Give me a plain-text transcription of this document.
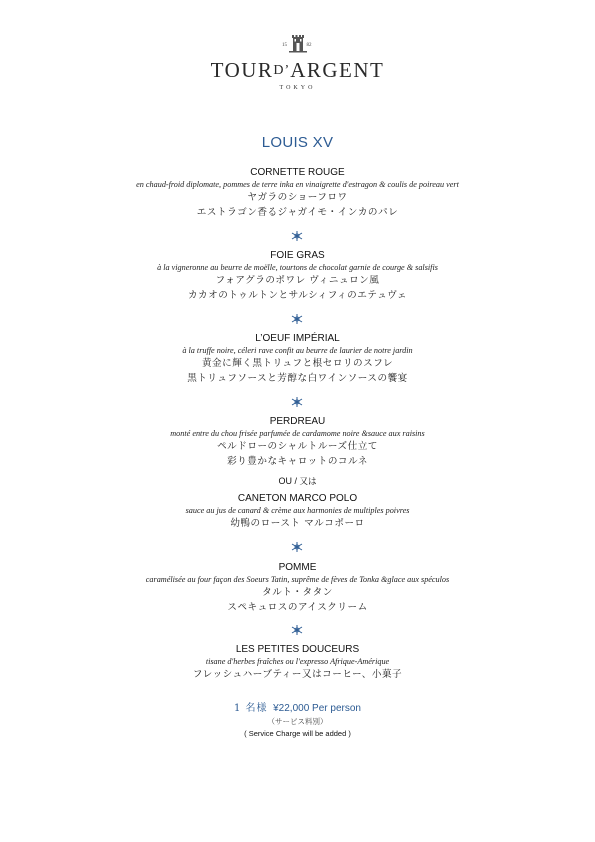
15	82
TOURD’ARGENT
TOKYO
LOUIS XV
CORNETTE ROUGE
en chaud-froid diplomate, pommes de terre inka en vinaigrette d'estragon & coulis de poireau vert
ヤガラのショーフロワ
エストラゴン香るジャガイモ・インカのパレ
FOIE GRAS
à la vigneronne au beurre de moëlle, tourtons de chocolat garnie de courge & salsifis
フォアグラのポワレ ヴィニュロン風
カカオのトゥルトンとサルシィフィのエテュヴェ
L’OEUF IMPÉRIAL
à la truffe noire, céleri rave confit au beurre de laurier de notre jardin
黄金に輝く黒トリュフと根セロリのスフレ
黒トリュフソースと芳醇な白ワインソースの饗宴
PERDREAU
monté entre du chou frisée parfumée de cardamome noire &sauce aux raisins
ペルドローのシャルトルーズ仕立て
彩り豊かなキャロットのコルネ
OU / 又は
CANETON MARCO POLO
sauce au jus de canard & crème aux harmonies de multiples poivres
幼鴨のロースト マルコポーロ
POMME
caramélisée au four façon des Soeurs Tatin, suprême de fèves de Tonka &glace aux spéculos
タルト・タタン
スペキュロスのアイスクリーム
LES PETITES DOUCEURS
tisane d'herbes fraîches ou l'expresso Afrique-Amérique
フレッシュハーブティー又はコーヒー、小菓子
1 名様 ¥22,000 Per person
（サービス料別）
( Service Charge will be added )
